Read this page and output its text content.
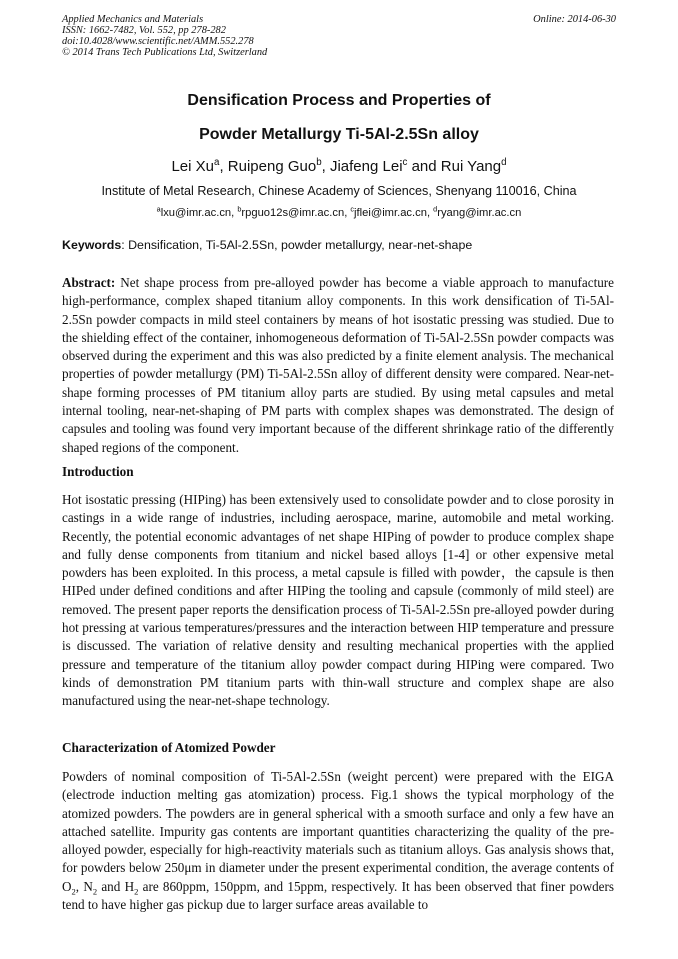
Applied Mechanics and Materials
ISSN: 1662-7482, Vol. 552, pp 278-282
doi:10.4028/www.scientific.net/AMM.552.278
© 2014 Trans Tech Publications Ltd, Switzerland
Online: 2014-06-30
Densification Process and Properties of
Powder Metallurgy Ti-5Al-2.5Sn alloy
Lei Xu$^a$, Ruipeng Guo$^b$, Jiafeng Lei$^c$ and Rui Yang$^d$
Institute of Metal Research, Chinese Academy of Sciences, Shenyang 110016, China
$^a$lxu@imr.ac.cn, $^b$rpguo12s@imr.ac.cn, $^c$jflei@imr.ac.cn, $^d$ryang@imr.ac.cn
Keywords: Densification, Ti-5Al-2.5Sn, powder metallurgy, near-net-shape
Abstract: Net shape process from pre-alloyed powder has become a viable approach to manufacture high-performance, complex shaped titanium alloy components. In this work densification of Ti-5Al-2.5Sn powder compacts in mild steel containers by means of hot isostatic pressing was studied. Due to the shielding effect of the container, inhomogeneous deformation of Ti-5Al-2.5Sn powder compacts was observed during the experiment and this was also predicted by a finite element analysis. The mechanical properties of powder metallurgy (PM) Ti-5Al-2.5Sn alloy of different density were compared. Near-net-shape forming processes of PM titanium alloy parts are studied. By using metal capsules and metal internal tooling, near-net-shaping of PM parts with complex shapes was demonstrated. The design of capsules and tooling was found very important because of the different shrinkage ratio of the differently shaped regions of the component.
Introduction
Hot isostatic pressing (HIPing) has been extensively used to consolidate powder and to close porosity in castings in a wide range of industries, including aerospace, marine, automobile and metal working. Recently, the potential economic advantages of net shape HIPing of powder to produce complex shape and fully dense components from titanium and nickel based alloys [1-4] or other expensive metal powders has been exploited. In this process, a metal capsule is filled with powder，the capsule is then HIPed under defined conditions and after HIPing the tooling and capsule (commonly of mild steel) are removed. The present paper reports the densification process of Ti-5Al-2.5Sn pre-alloyed powder during hot pressing at various temperatures/pressures and the interaction between HIP temperature and pressure is discussed. The variation of relative density and resulting mechanical properties with the applied pressure and temperature of the titanium alloy powder compact during HIPing were compared. Two kinds of demonstration PM titanium parts with thin-wall structure and complex shape are also manufactured using the near-net-shape technology.
Characterization of Atomized Powder
Powders of nominal composition of Ti-5Al-2.5Sn (weight percent) were prepared with the EIGA (electrode induction melting gas atomization) process. Fig.1 shows the typical morphology of the atomized powders. The powders are in general spherical with a smooth surface and only a few have an attached satellite. Impurity gas contents are important quantities characterizing the quality of the pre-alloyed powder, especially for high-reactivity materials such as titanium alloys. Gas analysis shows that, for powders below 250μm in diameter under the present experimental condition, the average contents of $O_2$, $N_2$ and $H_2$ are 860ppm, 150ppm, and 15ppm, respectively. It has been observed that finer powders tend to have higher gas pickup due to larger surface areas available to
